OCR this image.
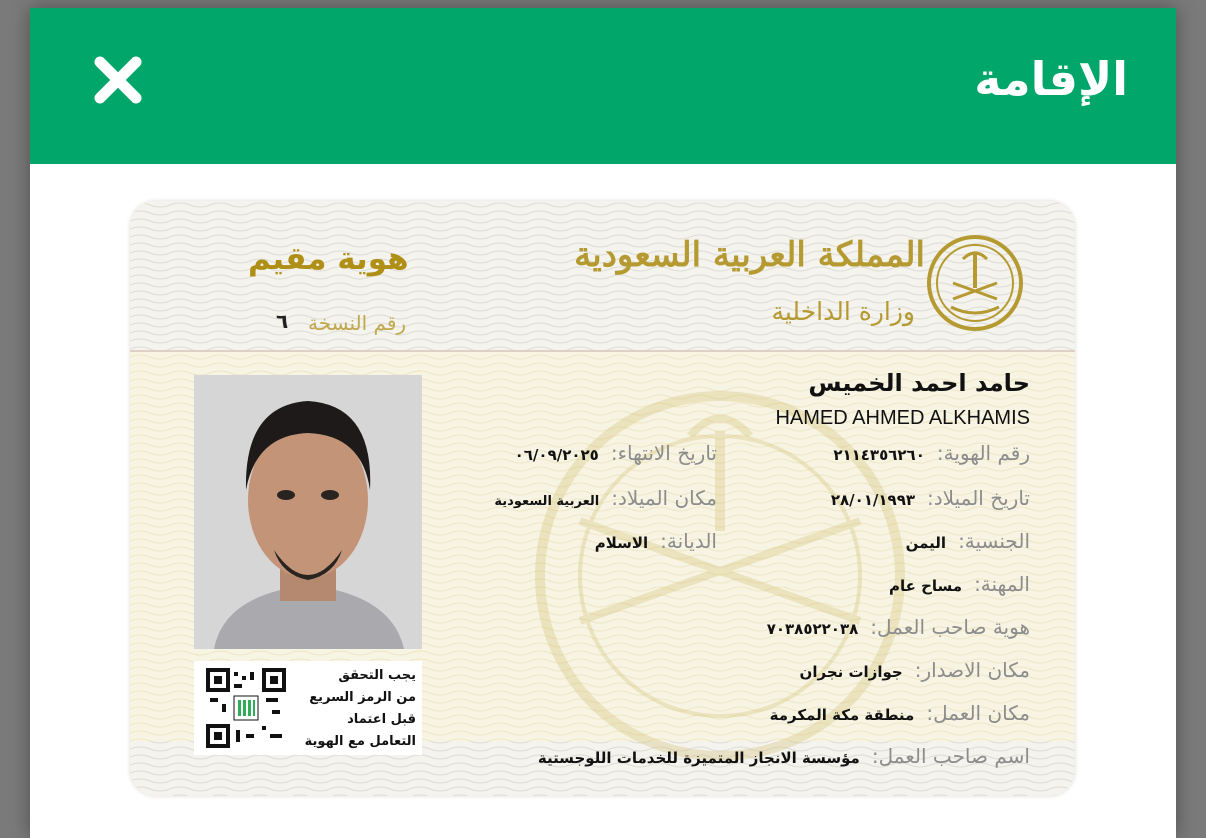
الإقامة
المملكة العربية السعودية
وزارة الداخلية
هوية مقيم
رقم النسخة
٦
يجب التحقق
من الرمز السريع
قبل اعتماد
التعامل مع الهوية
حامد احمد الخميس
HAMED AHMED ALKHAMIS
رقم الهوية:٢١١٤٣٥٦٢٦٠
تاريخ الميلاد:٢٨/٠١/١٩٩٣
الجنسية:اليمن
المهنة:مساح عام
هوية صاحب العمل:٧٠٣٨٥٢٢٠٣٨
مكان الاصدار:جوازات نجران
مكان العمل:منطقة مكة المكرمة
اسم صاحب العمل:مؤسسة الانجاز المتميزة للخدمات اللوجستية
تاريخ الانتهاء:٠٦/٠٩/٢٠٢٥
مكان الميلاد:العربية السعودية
الديانة:الاسلام
